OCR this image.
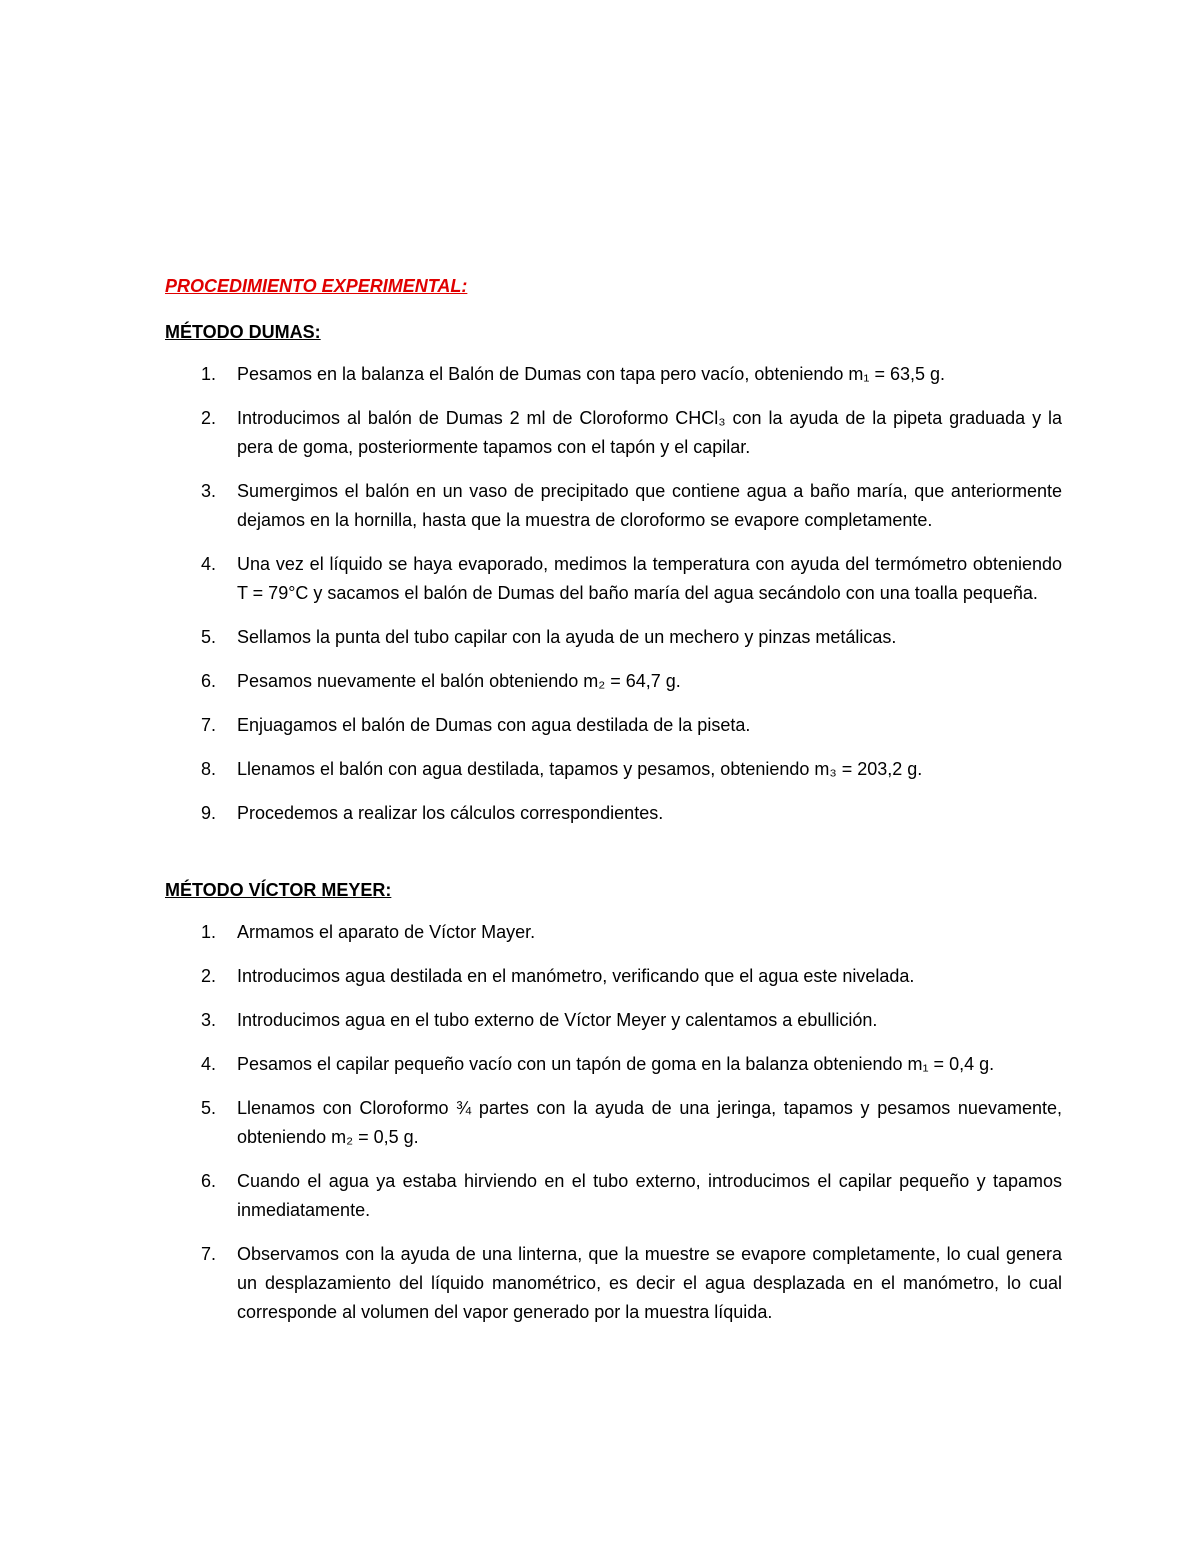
PROCEDIMIENTO EXPERIMENTAL:
MÉTODO DUMAS:
1. Pesamos en la balanza el Balón de Dumas con tapa pero vacío, obteniendo m₁ = 63,5 g.
2. Introducimos al balón de Dumas 2 ml de Cloroformo CHCl₃ con la ayuda de la pipeta graduada y la pera de goma, posteriormente tapamos con el tapón y el capilar.
3. Sumergimos el balón en un vaso de precipitado que contiene agua a baño maría, que anteriormente dejamos en la hornilla, hasta que la muestra de cloroformo se evapore completamente.
4. Una vez el líquido se haya evaporado, medimos la temperatura con ayuda del termómetro obteniendo T = 79°C y sacamos el balón de Dumas del baño maría del agua secándolo con una toalla pequeña.
5. Sellamos la punta del tubo capilar con la ayuda de un mechero y pinzas metálicas.
6. Pesamos nuevamente el balón obteniendo m₂ = 64,7 g.
7. Enjuagamos el balón de Dumas con agua destilada de la piseta.
8. Llenamos el balón con agua destilada, tapamos y pesamos, obteniendo m₃ = 203,2 g.
9. Procedemos a realizar los cálculos correspondientes.
MÉTODO VÍCTOR MEYER:
1. Armamos el aparato de Víctor Mayer.
2. Introducimos agua destilada en el manómetro, verificando que el agua este nivelada.
3. Introducimos agua en el tubo externo de Víctor Meyer y calentamos a ebullición.
4. Pesamos el capilar pequeño vacío con un tapón de goma en la balanza obteniendo m₁ = 0,4 g.
5. Llenamos con Cloroformo ¾ partes con la ayuda de una jeringa, tapamos y pesamos nuevamente, obteniendo m₂ = 0,5 g.
6. Cuando el agua ya estaba hirviendo en el tubo externo, introducimos el capilar pequeño y tapamos inmediatamente.
7. Observamos con la ayuda de una linterna, que la muestre se evapore completamente, lo cual genera un desplazamiento del líquido manométrico, es decir el agua desplazada en el manómetro, lo cual corresponde al volumen del vapor generado por la muestra líquida.
